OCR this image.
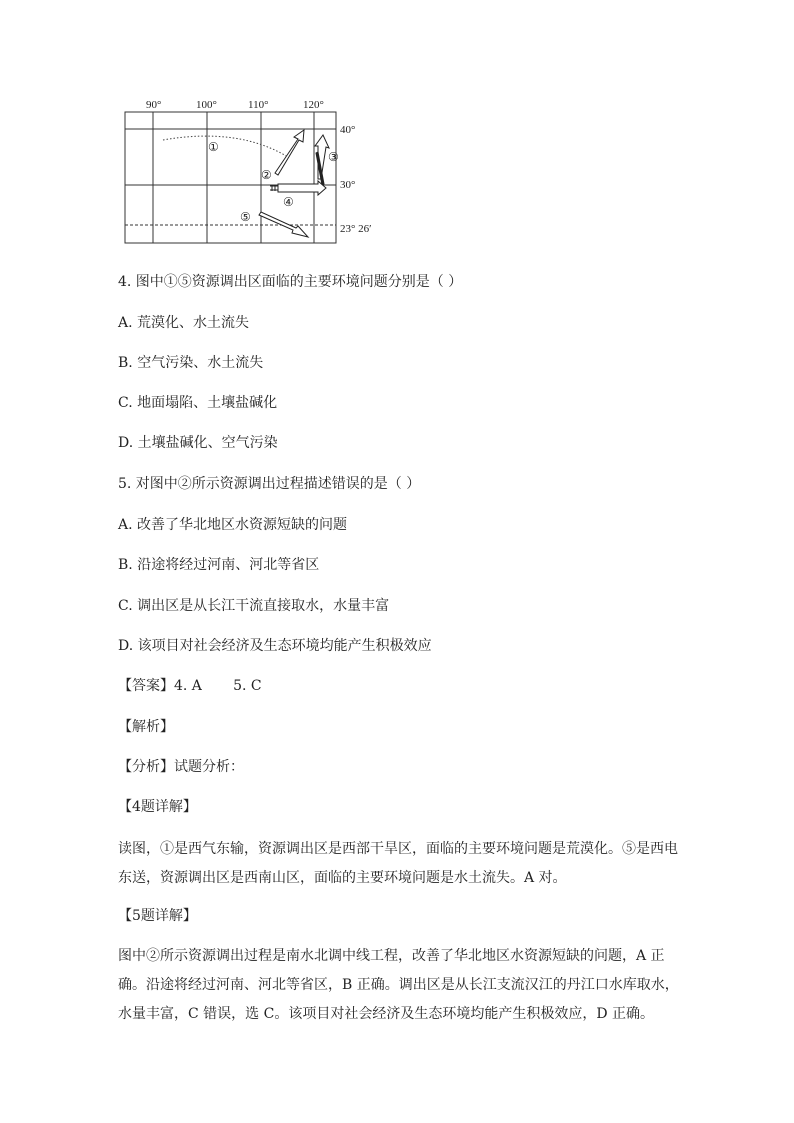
90°	100°	110°	120°
40°
30°
23° 26′
①
②
③
④
⑤
4. 图中①⑤资源调出区面临的主要环境问题分别是（ ）
A. 荒漠化、水土流失
B. 空气污染、水土流失
C. 地面塌陷、土壤盐碱化
D. 土壤盐碱化、空气污染
5. 对图中②所示资源调出过程描述错误的是（ ）
A. 改善了华北地区水资源短缺的问题
B. 沿途将经过河南、河北等省区
C. 调出区是从长江干流直接取水，水量丰富
D. 该项目对社会经济及生态环境均能产生积极效应
【答案】4. A       5. C
【解析】
【分析】试题分析：
【4题详解】
读图，①是西气东输，资源调出区是西部干旱区，面临的主要环境问题是荒漠化。⑤是西电东送，资源调出区是西南山区，面临的主要环境问题是水土流失。A 对。
【5题详解】
图中②所示资源调出过程是南水北调中线工程，改善了华北地区水资源短缺的问题，A 正确。沿途将经过河南、河北等省区，B 正确。调出区是从长江支流汉江的丹江口水库取水，水量丰富，C 错误，选 C。该项目对社会经济及生态环境均能产生积极效应，D 正确。
